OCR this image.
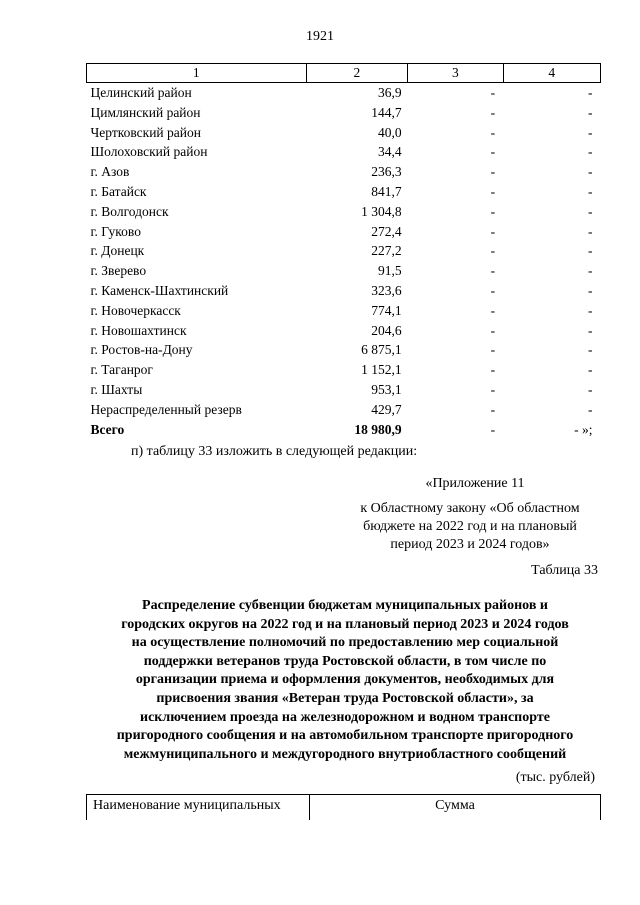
1921
1	2	3	4
Целинский район	36,9	-	-
Цимлянский район	144,7	-	-
Чертковский район	40,0	-	-
Шолоховский район	34,4	-	-
г. Азов	236,3	-	-
г. Батайск	841,7	-	-
г. Волгодонск	1 304,8	-	-
г. Гуково	272,4	-	-
г. Донецк	227,2	-	-
г. Зверево	91,5	-	-
г. Каменск-Шахтинский	323,6	-	-
г. Новочеркасск	774,1	-	-
г. Новошахтинск	204,6	-	-
г. Ростов-на-Дону	6 875,1	-	-
г. Таганрог	1 152,1	-	-
г. Шахты	953,1	-	-
Нераспределенный резерв	429,7	-	-
Всего	18 980,9	-	- »;
п) таблицу 33 изложить в следующей редакции:
«Приложение 11
к Областному закону «Об областном
бюджете на 2022 год и на плановый
период 2023 и 2024 годов»
Таблица 33
Распределение субвенции бюджетам муниципальных районов и
городских округов на 2022 год и на плановый период 2023 и 2024 годов
на осуществление полномочий по предоставлению мер социальной
поддержки ветеранов труда Ростовской области, в том числе по
организации приема и оформления документов, необходимых для
присвоения звания «Ветеран труда Ростовской области», за
исключением проезда на железнодорожном и водном транспорте
пригородного сообщения и на автомобильном транспорте пригородного
межмуниципального и междугородного внутриобластного сообщений
(тыс. рублей)
Наименование муниципальных	Сумма
